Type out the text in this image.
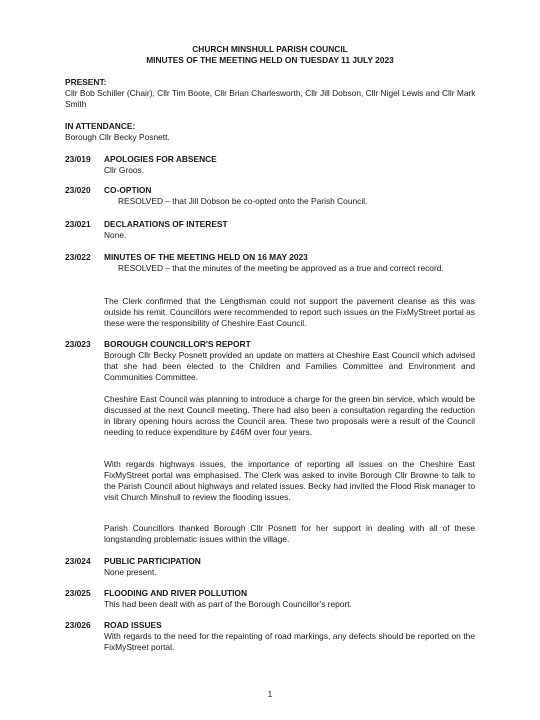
CHURCH MINSHULL PARISH COUNCIL
MINUTES OF THE MEETING HELD ON TUESDAY 11 JULY 2023
PRESENT:
Cllr Bob Schiller (Chair), Cllr Tim Boote, Cllr Brian Charlesworth, Cllr Jill Dobson, Cllr Nigel Lewis and Cllr Mark Smith
IN ATTENDANCE:
Borough Cllr Becky Posnett.
23/019 APOLOGIES FOR ABSENCE
Cllr Groos.
23/020 CO-OPTION
RESOLVED – that Jill Dobson be co-opted onto the Parish Council.
23/021 DECLARATIONS OF INTEREST
None.
23/022 MINUTES OF THE MEETING HELD ON 16 MAY 2023
RESOLVED – that the minutes of the meeting be approved as a true and correct record.
The Clerk confirmed that the Lengthsman could not support the pavement cleanse as this was outside his remit. Councillors were recommended to report such issues on the FixMyStreet portal as these were the responsibility of Cheshire East Council.
23/023 BOROUGH COUNCILLOR'S REPORT
Borough Cllr Becky Posnett provided an update on matters at Cheshire East Council which advised that she had been elected to the Children and Families Committee and Environment and Communities Committee.
Cheshire East Council was planning to introduce a charge for the green bin service, which would be discussed at the next Council meeting. There had also been a consultation regarding the reduction in library opening hours across the Council area. These two proposals were a result of the Council needing to reduce expenditure by £46M over four years.
With regards highways issues, the importance of reporting all issues on the Cheshire East FixMyStreet portal was emphasised. The Clerk was asked to invite Borough Cllr Browne to talk to the Parish Council about highways and related issues. Becky had invited the Flood Risk manager to visit Church Minshull to review the flooding issues.
Parish Councillors thanked Borough Cllr Posnett for her support in dealing with all of these longstanding problematic issues within the village.
23/024 PUBLIC PARTICIPATION
None present.
23/025 FLOODING AND RIVER POLLUTION
This had been dealt with as part of the Borough Councillor's report.
23/026 ROAD ISSUES
With regards to the need for the repainting of road markings, any defects should be reported on the FixMyStreet portal.
1
